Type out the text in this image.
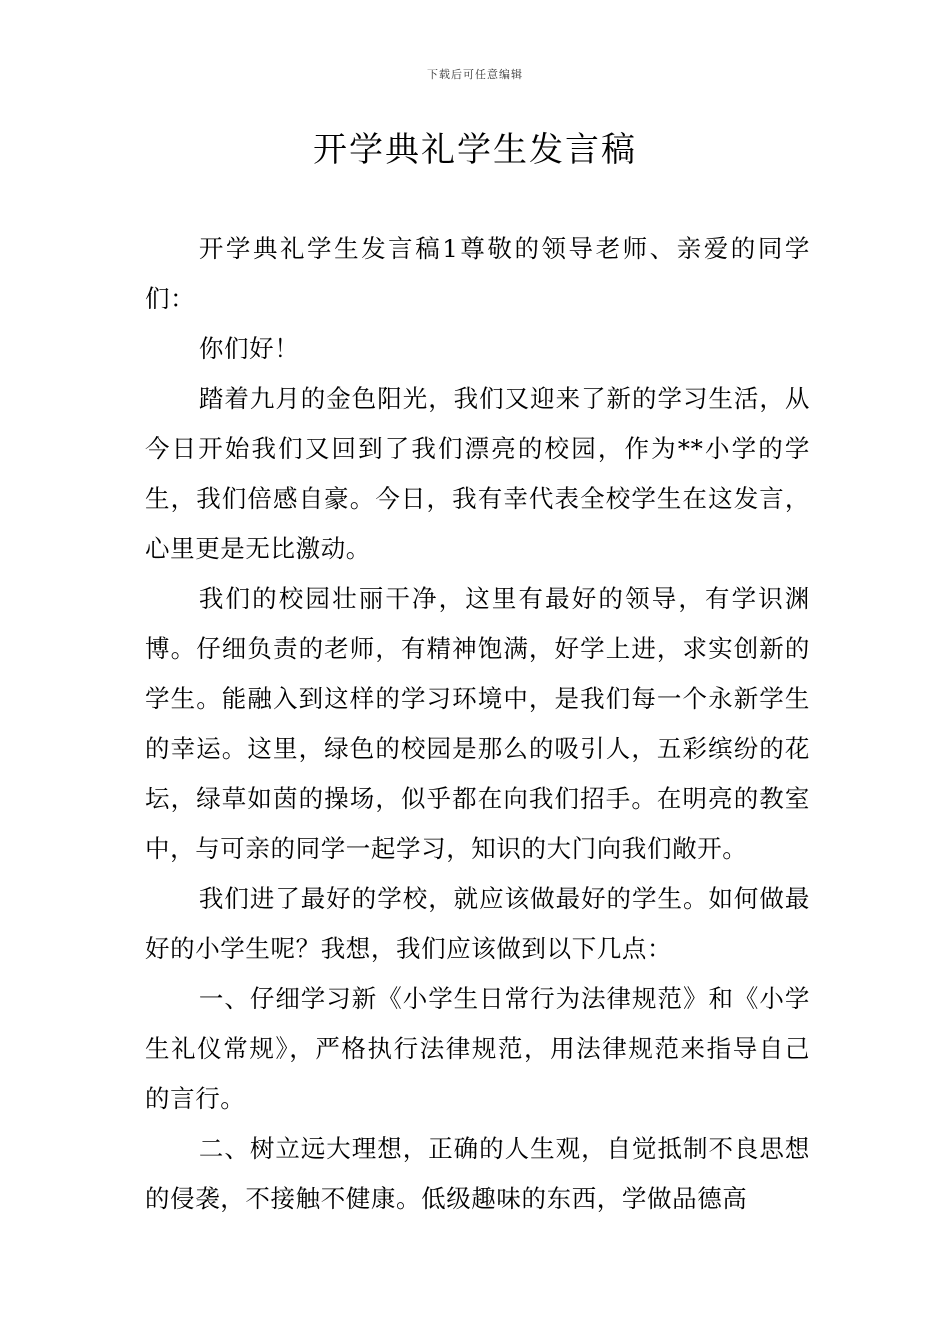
下载后可任意编辑
开学典礼学生发言稿

开学典礼学生发言稿1尊敬的领导老师、亲爱的同学们：

你们好！

踏着九月的金色阳光，我们又迎来了新的学习生活，从今日开始我们又回到了我们漂亮的校园，作为**小学的学生，我们倍感自豪。今日，我有幸代表全校学生在这发言，心里更是无比激动。

我们的校园壮丽干净，这里有最好的领导，有学识渊博。仔细负责的老师，有精神饱满，好学上进，求实创新的学生。能融入到这样的学习环境中，是我们每一个永新学生的幸运。这里，绿色的校园是那么的吸引人，五彩缤纷的花坛，绿草如茵的操场，似乎都在向我们招手。在明亮的教室中，与可亲的同学一起学习，知识的大门向我们敞开。

我们进了最好的学校，就应该做最好的学生。如何做最好的小学生呢？我想，我们应该做到以下几点：

一、仔细学习新《小学生日常行为法律规范》和《小学生礼仪常规》，严格执行法律规范，用法律规范来指导自己的言行。

二、树立远大理想，正确的人生观，自觉抵制不良思想的侵袭，不接触不健康。低级趣味的东西，学做品德高
